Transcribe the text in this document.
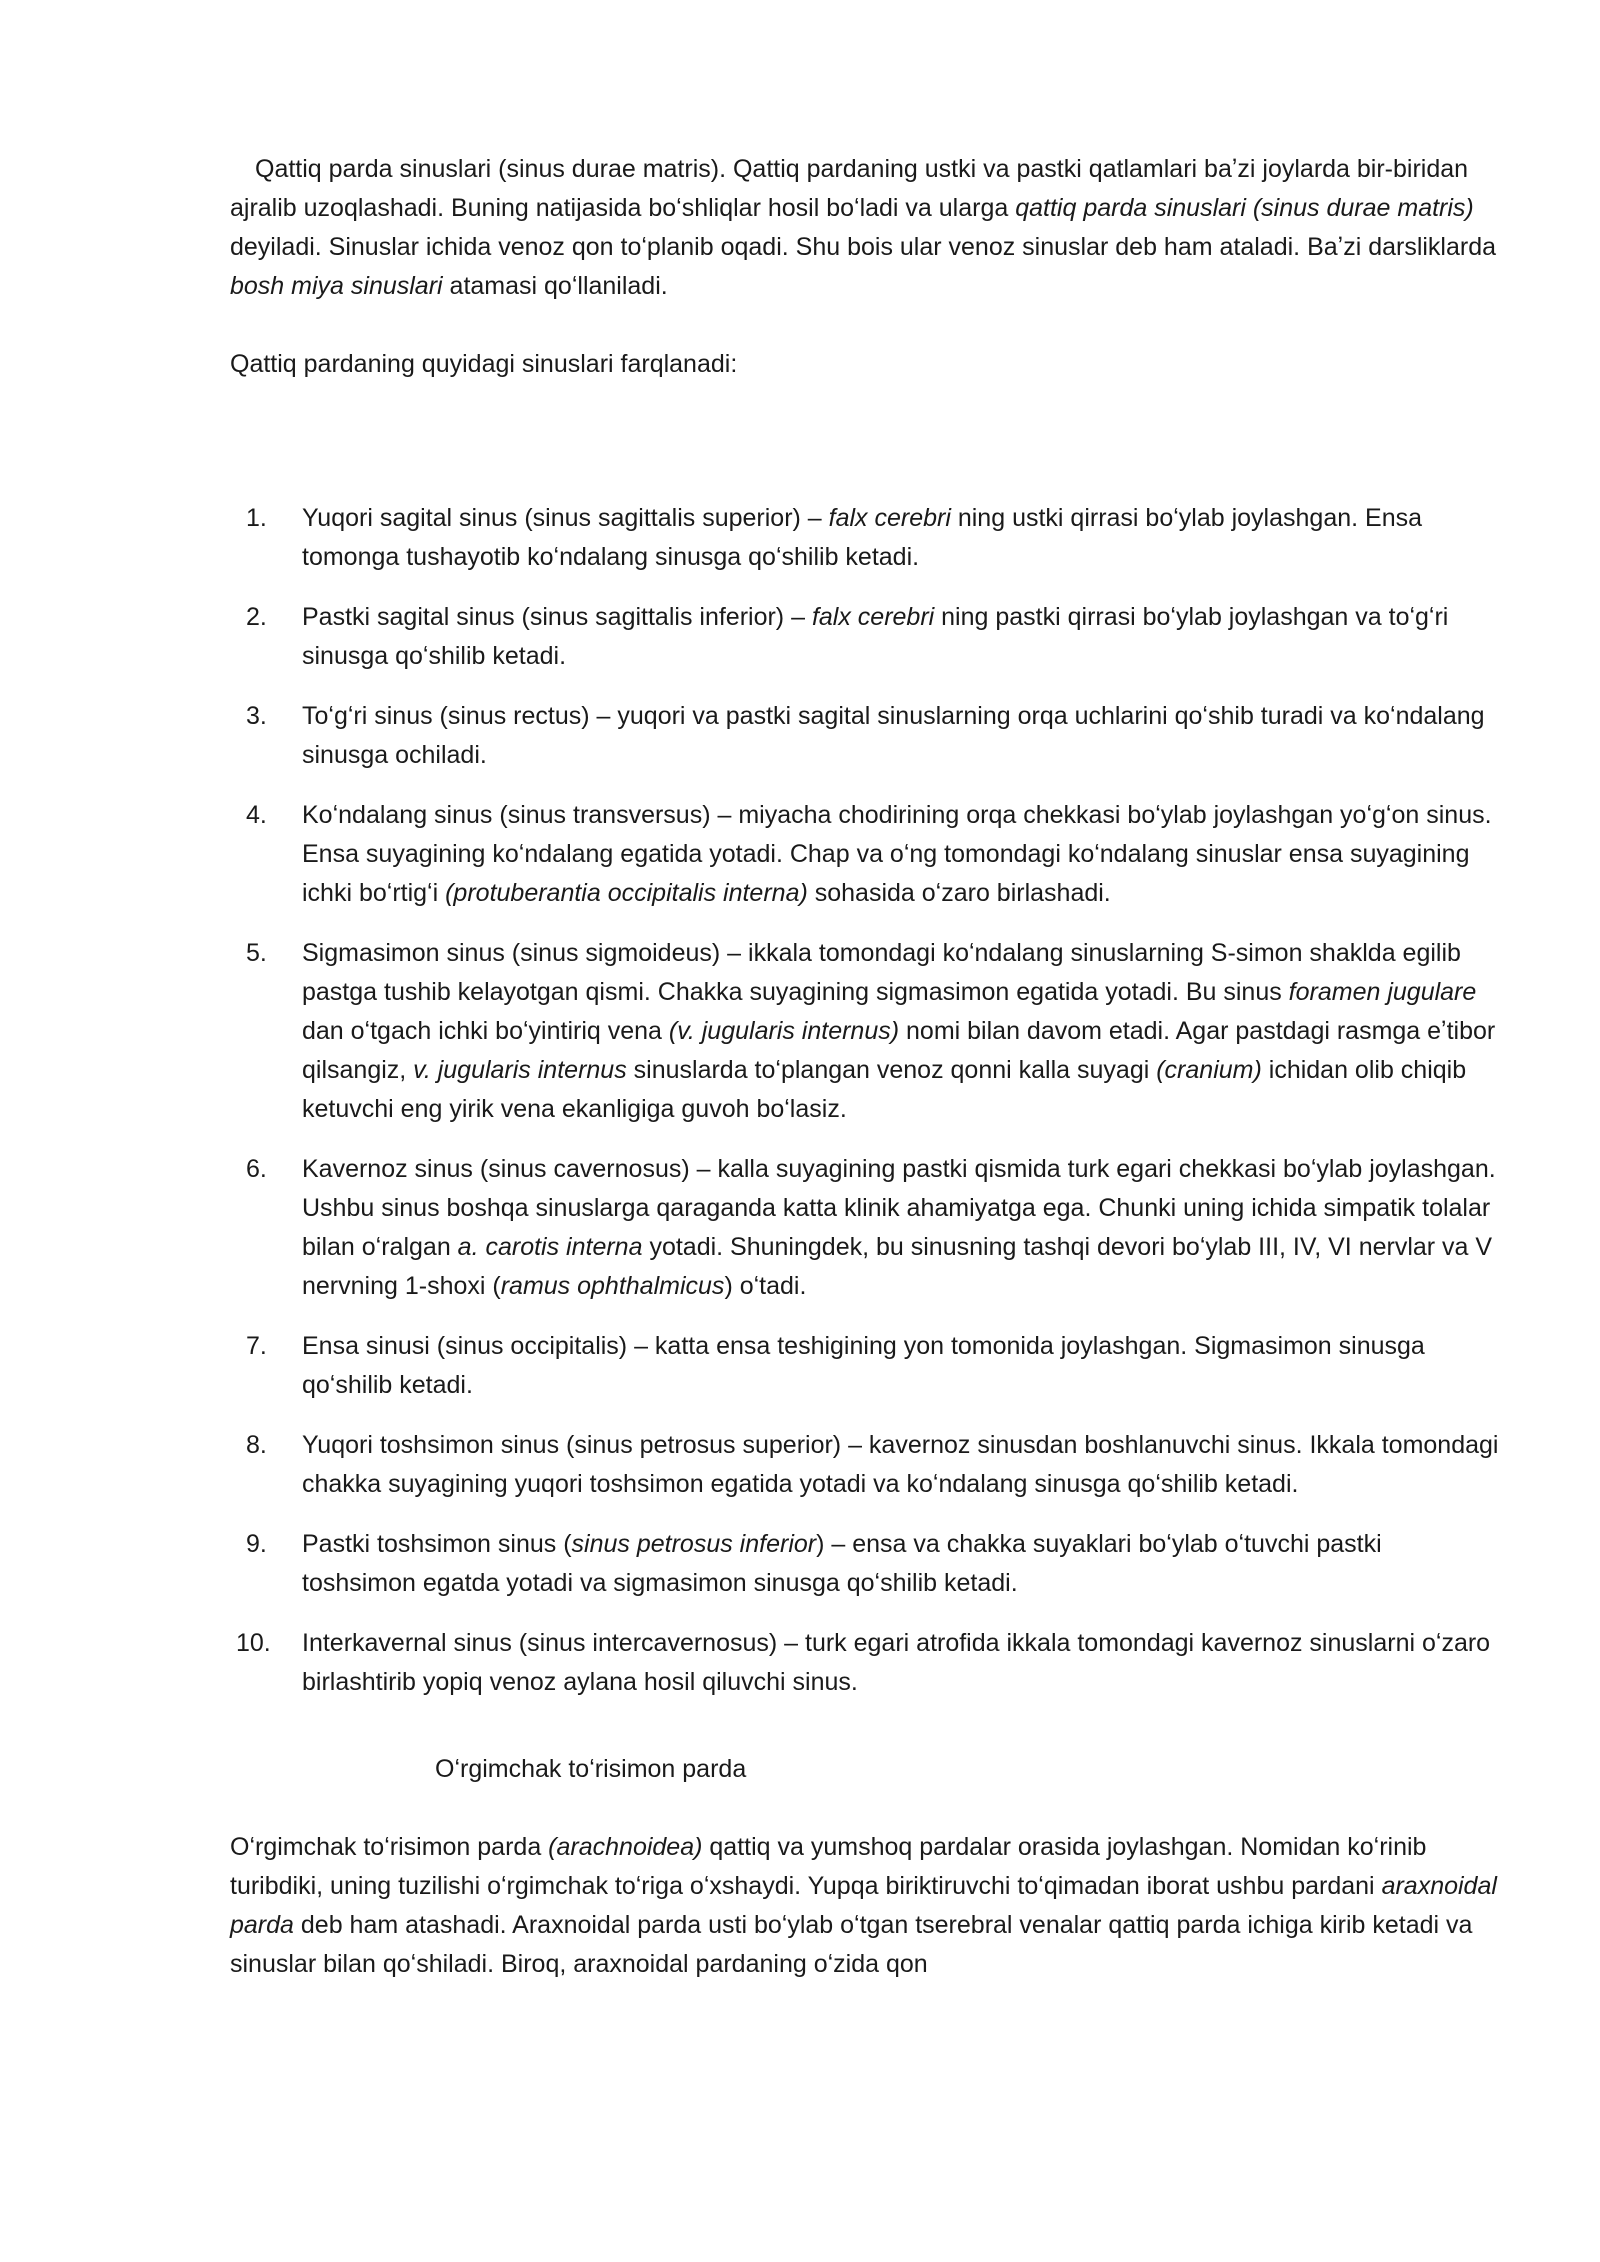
Qattiq parda sinuslari (sinus durae matris). Qattiq pardaning ustki va pastki qatlamlari baʼzi joylarda bir-biridan ajralib uzoqlashadi. Buning natijasida boʻshliqlar hosil boʻladi va ularga qattiq parda sinuslari (sinus durae matris) deyiladi. Sinuslar ichida venoz qon toʻplanib oqadi. Shu bois ular venoz sinuslar deb ham ataladi. Baʼzi darsliklarda bosh miya sinuslari atamasi qoʻllaniladi.

Qattiq pardaning quyidagi sinuslari farqlanadi:

1.	Yuqori sagital sinus (sinus sagittalis superior) – falx cerebri ning ustki qirrasi boʻylab joylashgan. Ensa tomonga tushayotib koʻndalang sinusga qoʻshilib ketadi.
2.	Pastki sagital sinus (sinus sagittalis inferior) – falx cerebri ning pastki qirrasi boʻylab joylashgan va toʻgʻri sinusga qoʻshilib ketadi.
3.	Toʻgʻri sinus (sinus rectus) – yuqori va pastki sagital sinuslarning orqa uchlarini qoʻshib turadi va koʻndalang sinusga ochiladi.
4.	Koʻndalang sinus (sinus transversus) – miyacha chodirining orqa chekkasi boʻylab joylashgan yoʻgʻon sinus. Ensa suyagining koʻndalang egatida yotadi. Chap va oʻng tomondagi koʻndalang sinuslar ensa suyagining ichki boʻrtigʻi (protuberantia occipitalis interna) sohasida oʻzaro birlashadi.
5.	Sigmasimon sinus (sinus sigmoideus) – ikkala tomondagi koʻndalang sinuslarning S-simon shaklda egilib pastga tushib kelayotgan qismi. Chakka suyagining sigmasimon egatida yotadi. Bu sinus foramen jugulare dan oʻtgach ichki boʻyintiriq vena (v. jugularis internus) nomi bilan davom etadi. Agar pastdagi rasmga eʼtibor qilsangiz, v. jugularis internus sinuslarda toʻplangan venoz qonni kalla suyagi (cranium) ichidan olib chiqib ketuvchi eng yirik vena ekanligiga guvoh boʻlasiz.
6.	Kavernoz sinus (sinus cavernosus) – kalla suyagining pastki qismida turk egari chekkasi boʻylab joylashgan. Ushbu sinus boshqa sinuslarga qaraganda katta klinik ahamiyatga ega. Chunki uning ichida simpatik tolalar bilan oʻralgan a. carotis interna yotadi. Shuningdek, bu sinusning tashqi devori boʻylab III, IV, VI nervlar va V nervning 1-shoxi (ramus ophthalmicus) oʻtadi.
7.	Ensa sinusi (sinus occipitalis) – katta ensa teshigining yon tomonida joylashgan. Sigmasimon sinusga qoʻshilib ketadi.
8.	Yuqori toshsimon sinus (sinus petrosus superior) – kavernoz sinusdan boshlanuvchi sinus. Ikkala tomondagi chakka suyagining yuqori toshsimon egatida yotadi va koʻndalang sinusga qoʻshilib ketadi.
9.	Pastki toshsimon sinus (sinus petrosus inferior) – ensa va chakka suyaklari boʻylab oʻtuvchi pastki toshsimon egatda yotadi va sigmasimon sinusga qoʻshilib ketadi.
10.	Interkavernal sinus (sinus intercavernosus) – turk egari atrofida ikkala tomondagi kavernoz sinuslarni oʻzaro birlashtirib yopiq venoz aylana hosil qiluvchi sinus.

Oʻrgimchak toʻrisimon parda

Oʻrgimchak toʻrisimon parda (arachnoidea) qattiq va yumshoq pardalar orasida joylashgan. Nomidan koʻrinib turibdiki, uning tuzilishi oʻrgimchak toʻriga oʻxshaydi. Yupqa biriktiruvchi toʻqimadan iborat ushbu pardani araxnoidal parda deb ham atashadi. Araxnoidal parda usti boʻylab oʻtgan tserebral venalar qattiq parda ichiga kirib ketadi va sinuslar bilan qoʻshiladi. Biroq, araxnoidal pardaning oʻzida qon
